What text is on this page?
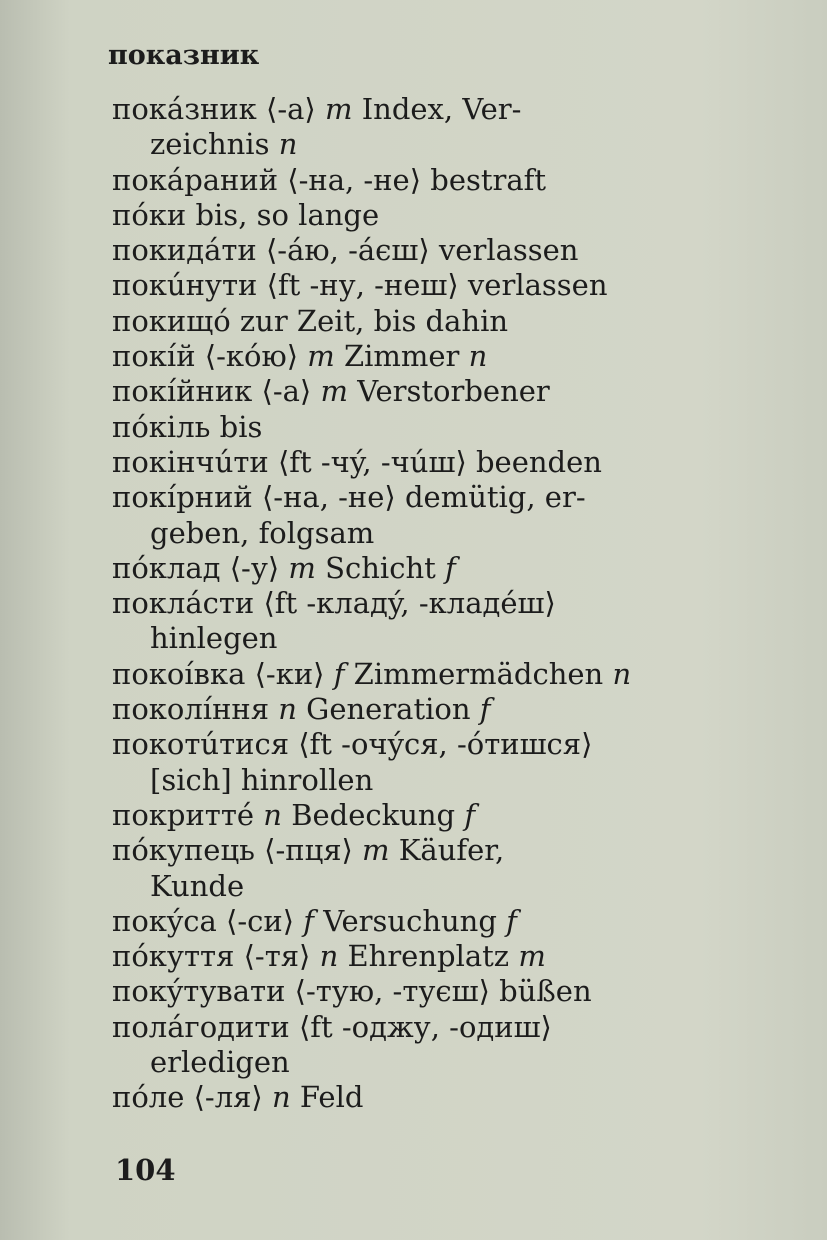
показник
покáзник ⟨-а⟩ m Index, Ver-
zeichnis n
покáраний ⟨-на, -не⟩ bestraft
пóки bis, so lange
покидáти ⟨-áю, -áєш⟩ verlassen
покúнути ⟨ft -ну, -неш⟩ verlassen
покищó zur Zeit, bis dahin
покíй ⟨-кóю⟩ m Zimmer n
покíйник ⟨-а⟩ m Verstorbener
пóкіль bis
покінчúти ⟨ft -чý, -чúш⟩ beenden
покíрний ⟨-на, -не⟩ demütig, er-
geben, folgsam
пóклад ⟨-у⟩ m Schicht f
поклáсти ⟨ft -кладý, -кладéш⟩
hinlegen
покоíвка ⟨-ки⟩ f Zimmermädchen n
поколíння n Generation f
покотúтися ⟨ft -очýся, -óтишся⟩
[sich] hinrollen
покриттé n Bedeckung f
пóкупець ⟨-пця⟩ m Käufer,
Kunde
покýса ⟨-си⟩ f Versuchung f
пóкуття ⟨-тя⟩ n Ehrenplatz m
покýтувати ⟨-тую, -туєш⟩ büßen
полáгодити ⟨ft -оджу, -одиш⟩
erledigen
пóле ⟨-ля⟩ n Feld
104
